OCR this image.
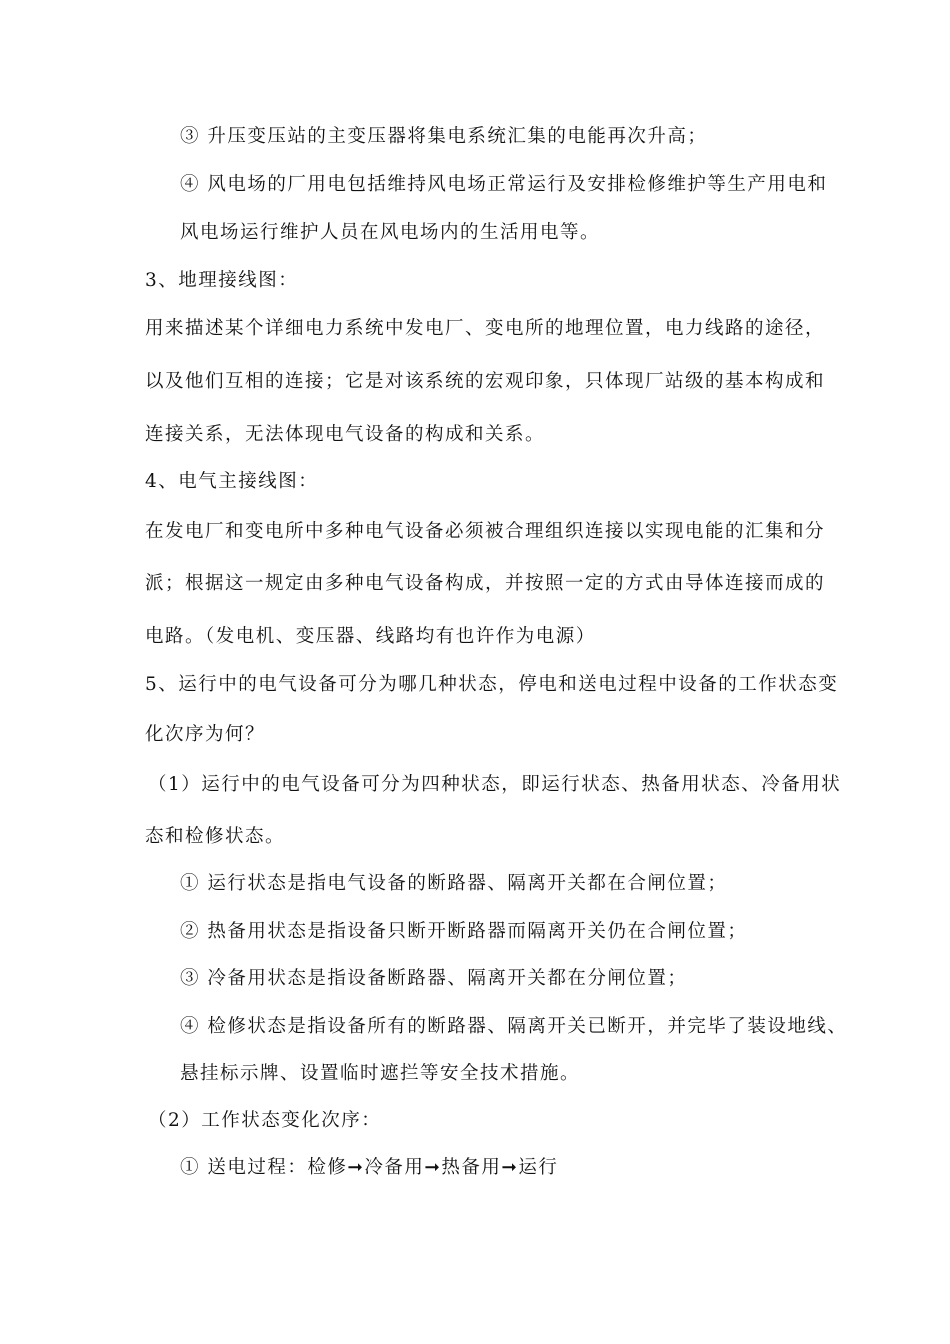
③ 升压变压站的主变压器将集电系统汇集的电能再次升高；
④ 风电场的厂用电包括维持风电场正常运行及安排检修维护等生产用电和
风电场运行维护人员在风电场内的生活用电等。
3、地理接线图：
用来描述某个详细电力系统中发电厂、变电所的地理位置，电力线路的途径，
以及他们互相的连接；它是对该系统的宏观印象，只体现厂站级的基本构成和
连接关系，无法体现电气设备的构成和关系。
4、电气主接线图：
在发电厂和变电所中多种电气设备必须被合理组织连接以实现电能的汇集和分
派；根据这一规定由多种电气设备构成，并按照一定的方式由导体连接而成的
电路。（发电机、变压器、线路均有也许作为电源）
5、运行中的电气设备可分为哪几种状态，停电和送电过程中设备的工作状态变
化次序为何？
（1）运行中的电气设备可分为四种状态，即运行状态、热备用状态、冷备用状
态和检修状态。
① 运行状态是指电气设备的断路器、隔离开关都在合闸位置；
② 热备用状态是指设备只断开断路器而隔离开关仍在合闸位置；
③ 冷备用状态是指设备断路器、隔离开关都在分闸位置；
④ 检修状态是指设备所有的断路器、隔离开关已断开，并完毕了装设地线、
悬挂标示牌、设置临时遮拦等安全技术措施。
（2）工作状态变化次序：
① 送电过程：检修➞冷备用➞热备用➞运行
